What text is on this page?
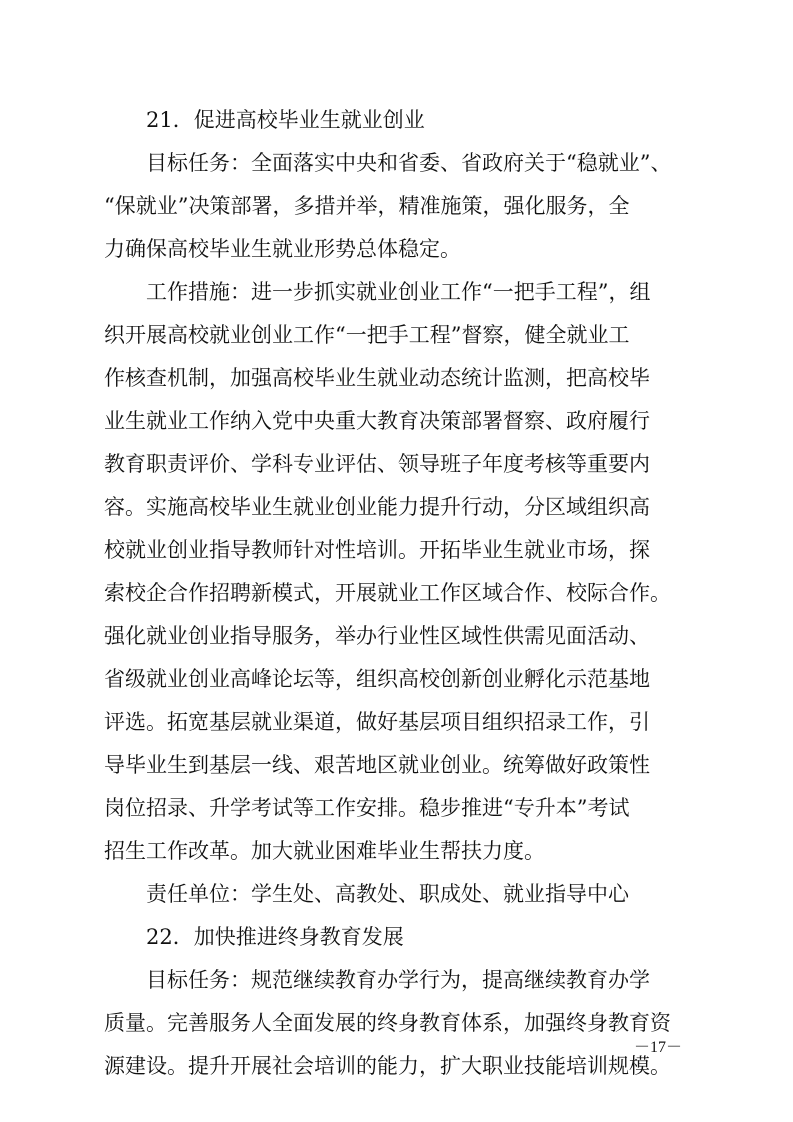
21．促进高校毕业生就业创业
目标任务：全面落实中央和省委、省政府关于“稳就业”、
“保就业”决策部署，多措并举，精准施策，强化服务，全
力确保高校毕业生就业形势总体稳定。
工作措施：进一步抓实就业创业工作“一把手工程”，组
织开展高校就业创业工作“一把手工程”督察，健全就业工
作核查机制，加强高校毕业生就业动态统计监测，把高校毕
业生就业工作纳入党中央重大教育决策部署督察、政府履行
教育职责评价、学科专业评估、领导班子年度考核等重要内
容。实施高校毕业生就业创业能力提升行动，分区域组织高
校就业创业指导教师针对性培训。开拓毕业生就业市场，探
索校企合作招聘新模式，开展就业工作区域合作、校际合作。
强化就业创业指导服务，举办行业性区域性供需见面活动、
省级就业创业高峰论坛等，组织高校创新创业孵化示范基地
评选。拓宽基层就业渠道，做好基层项目组织招录工作，引
导毕业生到基层一线、艰苦地区就业创业。统筹做好政策性
岗位招录、升学考试等工作安排。稳步推进“专升本”考试
招生工作改革。加大就业困难毕业生帮扶力度。
责任单位：学生处、高教处、职成处、就业指导中心
22．加快推进终身教育发展
目标任务：规范继续教育办学行为，提高继续教育办学
质量。完善服务人全面发展的终身教育体系，加强终身教育资
源建设。提升开展社会培训的能力，扩大职业技能培训规模。
－17－
